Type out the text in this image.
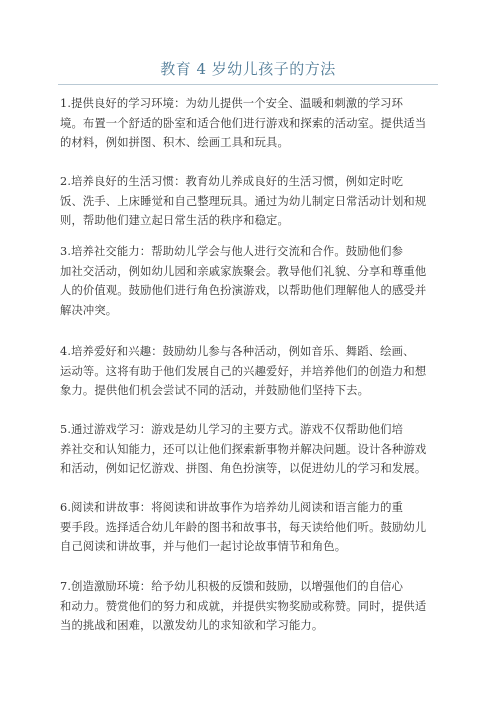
教育 4 岁幼儿孩子的方法

1.提供良好的学习环境：为幼儿提供一个安全、温暖和刺激的学习环
境。布置一个舒适的卧室和适合他们进行游戏和探索的活动室。提供适当
的材料，例如拼图、积木、绘画工具和玩具。

2.培养良好的生活习惯：教育幼儿养成良好的生活习惯，例如定时吃
饭、洗手、上床睡觉和自己整理玩具。通过为幼儿制定日常活动计划和规
则，帮助他们建立起日常生活的秩序和稳定。

3.培养社交能力：帮助幼儿学会与他人进行交流和合作。鼓励他们参
加社交活动，例如幼儿园和亲戚家族聚会。教导他们礼貌、分享和尊重他
人的价值观。鼓励他们进行角色扮演游戏，以帮助他们理解他人的感受并
解决冲突。

4.培养爱好和兴趣：鼓励幼儿参与各种活动，例如音乐、舞蹈、绘画、
运动等。这将有助于他们发展自己的兴趣爱好，并培养他们的创造力和想
象力。提供他们机会尝试不同的活动，并鼓励他们坚持下去。

5.通过游戏学习：游戏是幼儿学习的主要方式。游戏不仅帮助他们培
养社交和认知能力，还可以让他们探索新事物并解决问题。设计各种游戏
和活动，例如记忆游戏、拼图、角色扮演等，以促进幼儿的学习和发展。

6.阅读和讲故事：将阅读和讲故事作为培养幼儿阅读和语言能力的重
要手段。选择适合幼儿年龄的图书和故事书，每天读给他们听。鼓励幼儿
自己阅读和讲故事，并与他们一起讨论故事情节和角色。

7.创造激励环境：给予幼儿积极的反馈和鼓励，以增强他们的自信心
和动力。赞赏他们的努力和成就，并提供实物奖励或称赞。同时，提供适
当的挑战和困难，以激发幼儿的求知欲和学习能力。
